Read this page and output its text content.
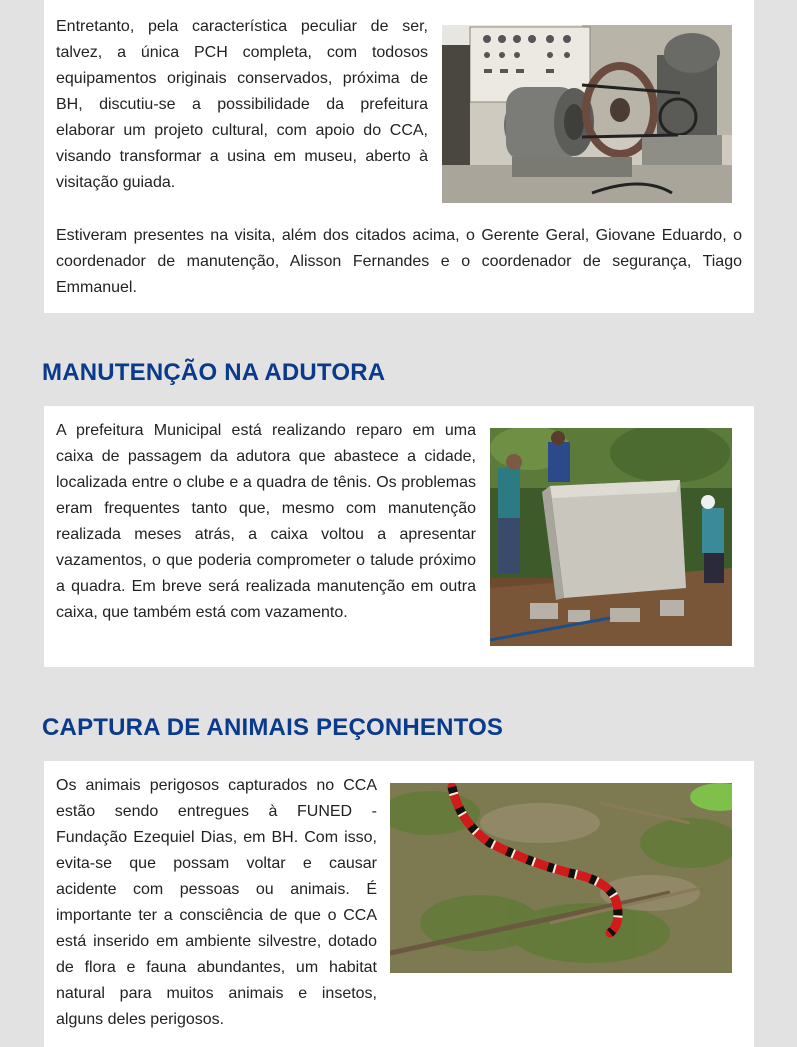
Entretanto, pela característica peculiar de ser, talvez, a única PCH completa, com todosos equipamentos originais conservados, próxima de BH, discutiu-se a possibilidade da prefeitura elaborar um projeto cultural, com apoio do CCA, visando transformar a usina em museu, aberto à visitação guiada.

Estiveram presentes na visita, além dos citados acima, o Gerente Geral, Giovane Eduardo, o coordenador de manutenção, Alisson Fernandes e o coordenador de segurança, Tiago Emmanuel.

MANUTENÇÃO NA ADUTORA

A prefeitura Municipal está realizando reparo em uma caixa de passagem da adutora que abastece a cidade, localizada entre o clube e a quadra de tênis. Os problemas eram frequentes tanto que, mesmo com manutenção realizada meses atrás, a caixa voltou a apresentar vazamentos, o que poderia comprometer o talude próximo a quadra. Em breve será realizada manutenção em outra caixa, que também está com vazamento.

CAPTURA DE ANIMAIS PEÇONHENTOS

Os animais perigosos capturados no CCA estão sendo entregues à FUNED - Fundação Ezequiel Dias, em BH. Com isso, evita-se que possam voltar e causar acidente com pessoas ou animais. É importante ter a consciência de que o CCA está inserido em ambiente silvestre, dotado de flora e fauna abundantes, um habitat natural para muitos animais e insetos, alguns deles perigosos.
